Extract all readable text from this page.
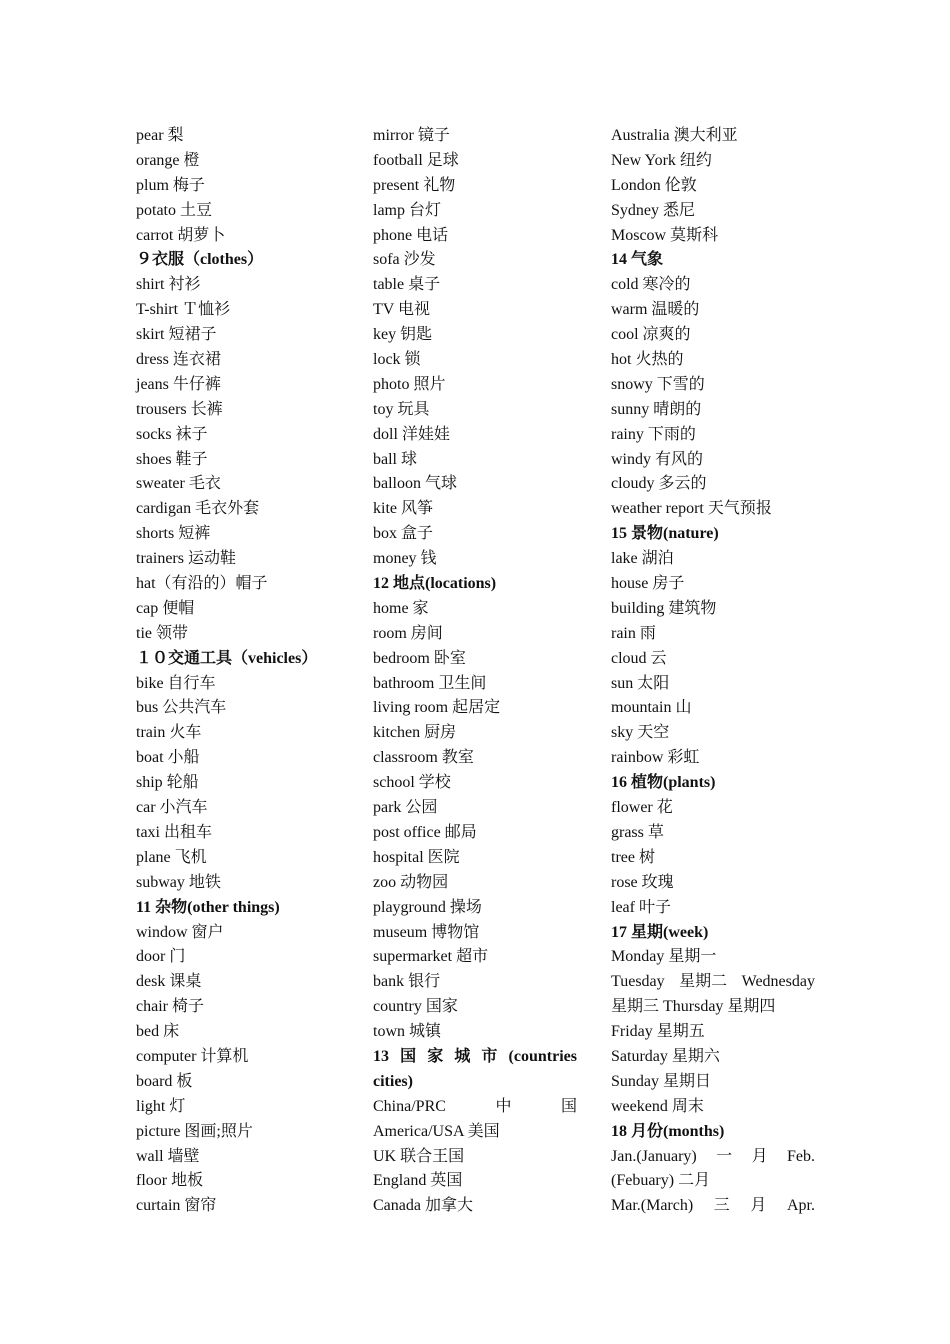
pear 梨
orange 橙
plum 梅子
potato 土豆
carrot 胡萝卜
９衣服（clothes）
shirt 衬衫
T-shirt Ｔ恤衫
skirt 短裙子
dress 连衣裙
jeans 牛仔裤
trousers 长裤
socks 袜子
shoes 鞋子
sweater 毛衣
cardigan 毛衣外套
shorts 短裤
trainers 运动鞋
hat（有沿的）帽子
cap 便帽
tie 领带
１０交通工具（vehicles）
bike 自行车
bus 公共汽车
train 火车
boat 小船
ship 轮船
car 小汽车
taxi 出租车
plane 飞机
subway 地铁
11 杂物(other things)
window 窗户
door 门
desk 课桌
chair 椅子
bed 床
computer 计算机
board 板
light 灯
picture 图画;照片
wall 墙壁
floor 地板
curtain 窗帘
mirror 镜子
football 足球
present 礼物
lamp 台灯
phone 电话
sofa 沙发
table 桌子
TV 电视
key 钥匙
lock 锁
photo 照片
toy 玩具
doll 洋娃娃
ball 球
balloon 气球
kite 风筝
box 盒子
money 钱
12 地点(locations)
home 家
room 房间
bedroom 卧室
bathroom 卫生间
living room 起居定
kitchen 厨房
classroom 教室
school 学校
park 公园
post office 邮局
hospital 医院
zoo 动物园
playground 操场
museum 博物馆
supermarket 超市
bank 银行
country 国家
town 城镇
13 国 家 城 市 (countries
cities)
China/PRC	中	国
America/USA 美国
UK 联合王国
England 英国
Canada 加拿大
Australia 澳大利亚
New York 纽约
London 伦敦
Sydney 悉尼
Moscow 莫斯科
14 气象
cold 寒冷的
warm 温暖的
cool 凉爽的
hot 火热的
snowy 下雪的
sunny 晴朗的
rainy 下雨的
windy 有风的
cloudy 多云的
weather report 天气预报
15 景物(nature)
lake 湖泊
house 房子
building 建筑物
rain 雨
cloud 云
sun 太阳
mountain 山
sky 天空
rainbow 彩虹
16 植物(plants)
flower 花
grass 草
tree 树
rose 玫瑰
leaf 叶子
17 星期(week)
Monday 星期一
Tuesday 星期二 Wednesday
星期三 Thursday 星期四
Friday 星期五
Saturday 星期六
Sunday 星期日
weekend 周末
18 月份(months)
Jan.(January) 一 月 Feb.
(Febuary) 二月
Mar.(March) 三 月 Apr.
